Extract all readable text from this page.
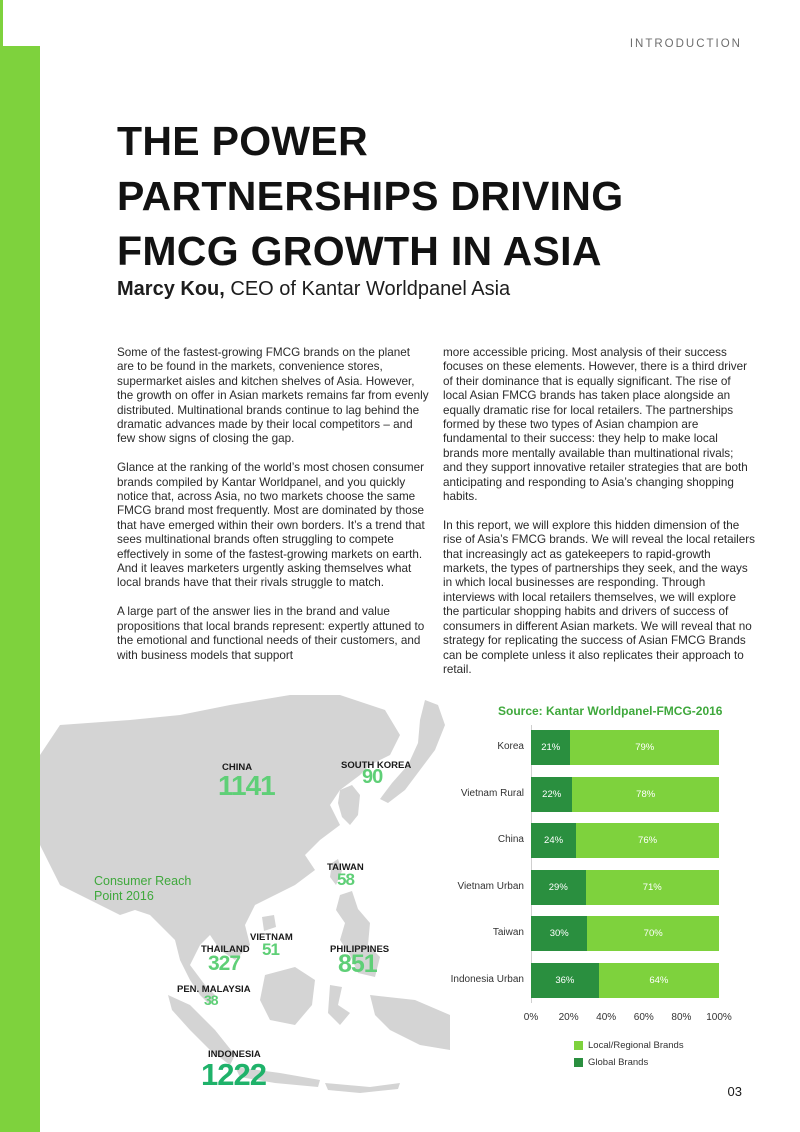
INTRODUCTION
THE POWER
PARTNERSHIPS DRIVING
FMCG GROWTH IN ASIA
Marcy Kou, CEO of Kantar Worldpanel Asia

Some of the fastest-growing FMCG brands on the planet are to be found in the markets, convenience stores, supermarket aisles and kitchen shelves of Asia. However, the growth on offer in Asian markets remains far from evenly distributed. Multinational brands continue to lag behind the dramatic advances made by their local competitors – and few show signs of closing the gap.

Glance at the ranking of the world’s most chosen consumer brands compiled by Kantar Worldpanel, and you quickly notice that, across Asia, no two markets choose the same FMCG brand most frequently. Most are dominated by those that have emerged within their own borders. It’s a trend that sees multinational brands often struggling to compete effectively in some of the fastest-growing markets on earth. And it leaves marketers urgently asking themselves what local brands have that their rivals struggle to match.

A large part of the answer lies in the brand and value propositions that local brands represent: expertly attuned to the emotional and functional needs of their customers, and with business models that support

more accessible pricing. Most analysis of their success focuses on these elements. However, there is a third driver of their dominance that is equally significant. The rise of local Asian FMCG brands has taken place alongside an equally dramatic rise for local retailers. The partnerships formed by these two types of Asian champion are fundamental to their success: they help to make local brands more mentally available than multinational rivals; and they support innovative retailer strategies that are both anticipating and responding to Asia’s changing shopping habits.

In this report, we will explore this hidden dimension of the rise of Asia’s FMCG brands. We will reveal the local retailers that increasingly act as gatekeepers to rapid-growth markets, the types of partnerships they seek, and the ways in which local businesses are responding. Through interviews with local retailers themselves, we will explore the particular shopping habits and drivers of success of consumers in different Asian markets. We will reveal that no strategy for replicating the success of Asian FMCG Brands can be complete unless it also replicates their approach to retail.

Consumer Reach Point 2016
CHINA
1141
SOUTH KOREA
90
TAIWAN
58
VIETNAM
51
THAILAND
327
PHILIPPINES
851
PEN. MALAYSIA
38
INDONESIA
1222
Source: Kantar Worldpanel-FMCG-2016
Korea	21%	79%
Vietnam Rural	22%	78%
China	24%	76%
Vietnam Urban	29%	71%
Taiwan	30%	70%
Indonesia Urban	36%	64%
0% 20% 40% 60% 80% 100%
Local/Regional Brands
Global Brands
03
